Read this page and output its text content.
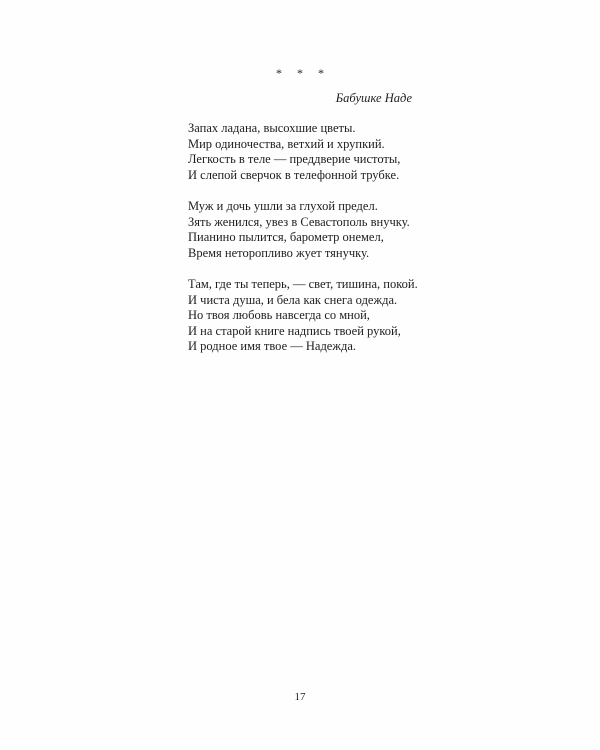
* * *
Бабушке Наде
Запах ладана, высохшие цветы.
Мир одиночества, ветхий и хрупкий.
Легкость в теле — преддверие чистоты,
И слепой сверчок в телефонной трубке.
Муж и дочь ушли за глухой предел.
Зять женился, увез в Севастополь внучку.
Пианино пылится, барометр онемел,
Время неторопливо жует тянучку.
Там, где ты теперь, — свет, тишина, покой.
И чиста душа, и бела как снега одежда.
Но твоя любовь навсегда со мной,
И на старой книге надпись твоей рукой,
И родное имя твое — Надежда.
17
